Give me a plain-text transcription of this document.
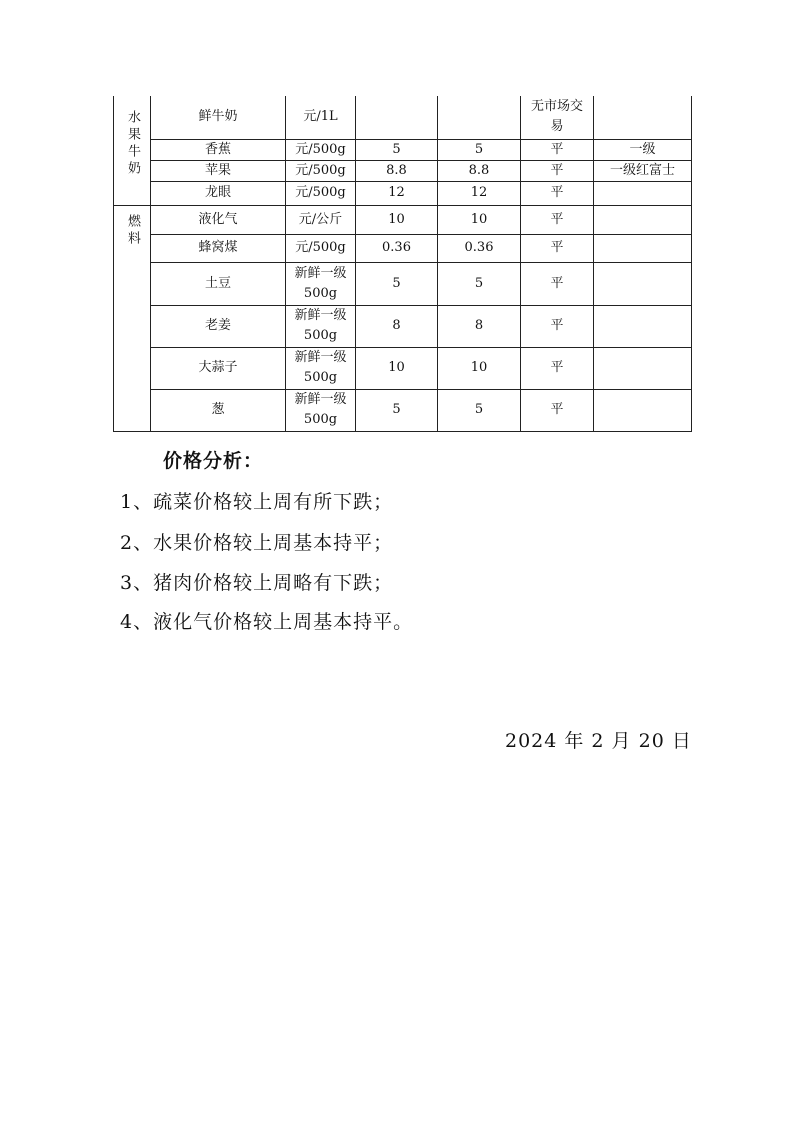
水果牛奶	鲜牛奶	元/1L			无市场交易	
	香蕉	元/500g	5	5	平	一级
	苹果	元/500g	8.8	8.8	平	一级红富士
	龙眼	元/500g	12	12	平	
燃料	液化气	元/公斤	10	10	平	
	蜂窝煤	元/500g	0.36	0.36	平	
	土豆	新鲜一级500g	5	5	平	
	老姜	新鲜一级500g	8	8	平	
	大蒜子	新鲜一级500g	10	10	平	
	葱	新鲜一级500g	5	5	平	
价格分析：
1、疏菜价格较上周有所下跌；
2、水果价格较上周基本持平；
3、猪肉价格较上周略有下跌；
4、液化气价格较上周基本持平。
2024 年 2 月 20 日
